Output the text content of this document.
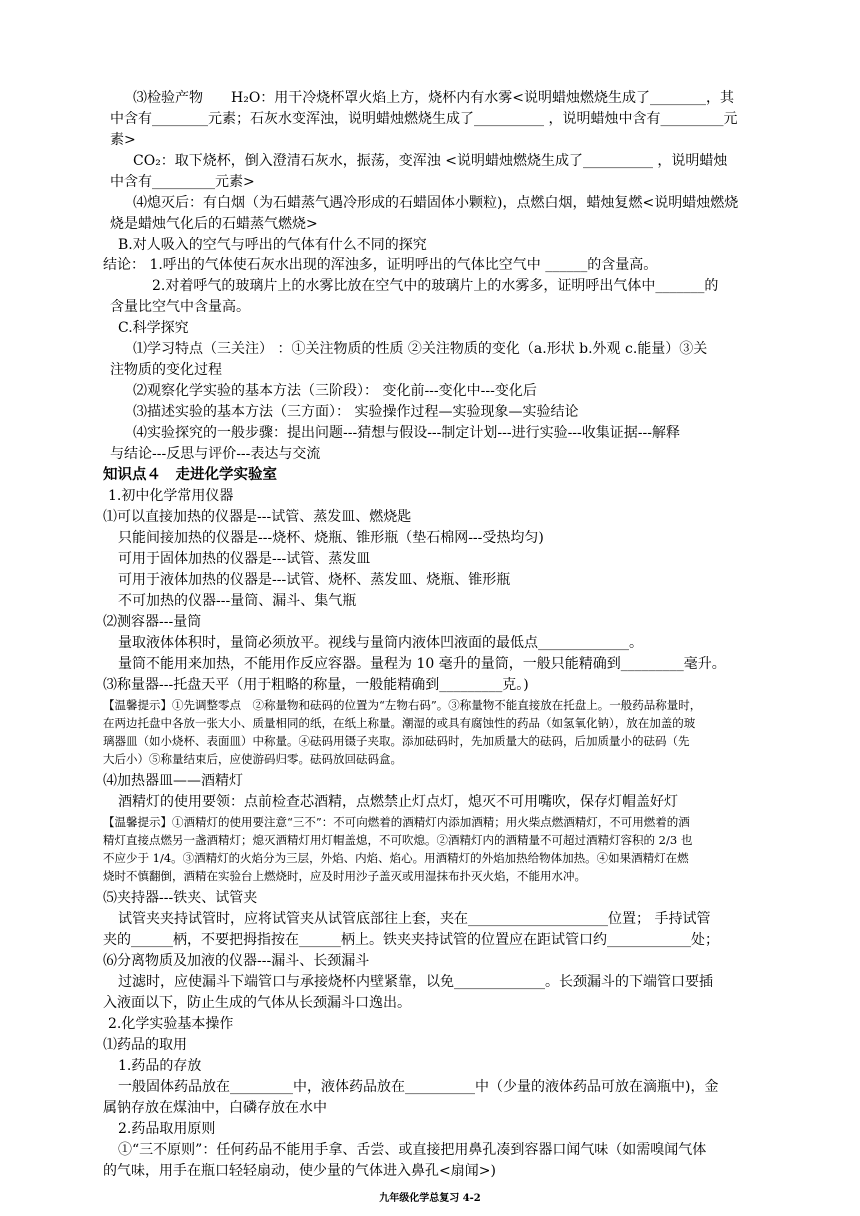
⑶检验产物　　H₂O：用干冷烧杯罩火焰上方，烧杯内有水雾<说明蜡烛燃烧生成了________，其
中含有________元素；石灰水变浑浊，说明蜡烛燃烧生成了__________ ，说明蜡烛中含有_________元
素>
CO₂：取下烧杯，倒入澄清石灰水，振荡，变浑浊 <说明蜡烛燃烧生成了__________ ，说明蜡烛
中含有_________元素>
⑷熄灭后：有白烟（为石蜡蒸气遇冷形成的石蜡固体小颗粒)，点燃白烟，蜡烛复燃<说明蜡烛燃烧
烧是蜡烛气化后的石蜡蒸气燃烧>
B.对人吸入的空气与呼出的气体有什么不同的探究
结论： 1.呼出的气体使石灰水出现的浑浊多，证明呼出的气体比空气中 ______的含量高。
2.对着呼气的玻璃片上的水雾比放在空气中的玻璃片上的水雾多，证明呼出气体中_______的
含量比空气中含量高。
C.科学探究
⑴学习特点（三关注） ：①关注物质的性质 ②关注物质的变化（a.形状 b.外观 c.能量）③关
注物质的变化过程
⑵观察化学实验的基本方法（三阶段）： 变化前---变化中---变化后
⑶描述实验的基本方法（三方面）： 实验操作过程—实验现象—实验结论
⑷实验探究的一般步骤：提出问题---猜想与假设---制定计划---进行实验---收集证据---解释
与结论---反思与评价---表达与交流
知识点４　走进化学实验室
1.初中化学常用仪器
⑴可以直接加热的仪器是---试管、蒸发皿、燃烧匙
只能间接加热的仪器是---烧杯、烧瓶、锥形瓶（垫石棉网---受热均匀)
可用于固体加热的仪器是---试管、蒸发皿
可用于液体加热的仪器是---试管、烧杯、蒸发皿、烧瓶、锥形瓶
不可加热的仪器---量筒、漏斗、集气瓶
⑵测容器---量筒
量取液体体积时，量筒必须放平。视线与量筒内液体凹液面的最低点_____________。
量筒不能用来加热，不能用作反应容器。量程为 10 毫升的量筒，一般只能精确到_________毫升。
⑶称量器---托盘天平（用于粗略的称量，一般能精确到_________克。)
【温馨提示】①先调整零点　②称量物和砝码的位置为“左物右码”。③称量物不能直接放在托盘上。一般药品称量时，
在两边托盘中各放一张大小、质量相同的纸，在纸上称量。潮湿的或具有腐蚀性的药品（如氢氧化钠），放在加盖的玻
璃器皿（如小烧杯、表面皿）中称量。④砝码用镊子夹取。添加砝码时，先加质量大的砝码，后加质量小的砝码（先
大后小）⑤称量结束后，应使游码归零。砝码放回砝码盒。
⑷加热器皿——酒精灯
酒精灯的使用要领：点前检查芯酒精，点燃禁止灯点灯，熄灭不可用嘴吹，保存灯帽盖好灯
【温馨提示】①酒精灯的使用要注意“三不”：不可向燃着的酒精灯内添加酒精；用火柴点燃酒精灯，不可用燃着的酒
精灯直接点燃另一盏酒精灯；熄灭酒精灯用灯帽盖熄，不可吹熄。②酒精灯内的酒精量不可超过酒精灯容积的 2/3 也
不应少于 1/4。③酒精灯的火焰分为三层，外焰、内焰、焰心。用酒精灯的外焰加热给物体加热。④如果酒精灯在燃
烧时不慎翻倒，酒精在实验台上燃烧时，应及时用沙子盖灭或用湿抹布扑灭火焰，不能用水冲。
⑸夹持器---铁夹、试管夹
试管夹夹持试管时，应将试管夹从试管底部往上套，夹在____________________位置； 手持试管
夹的______柄，不要把拇指按在______柄上。铁夹夹持试管的位置应在距试管口约____________处；
⑹分离物质及加液的仪器---漏斗、长颈漏斗
过滤时，应使漏斗下端管口与承接烧杯内壁紧靠，以免_____________。长颈漏斗的下端管口要插
入液面以下，防止生成的气体从长颈漏斗口逸出。
2.化学实验基本操作
⑴药品的取用
1.药品的存放
一般固体药品放在_________中，液体药品放在__________中（少量的液体药品可放在滴瓶中)，金
属钠存放在煤油中，白磷存放在水中
2.药品取用原则
①“三不原则”：任何药品不能用手拿、舌尝、或直接把用鼻孔凑到容器口闻气味（如需嗅闻气体
的气味，用手在瓶口轻轻扇动，使少量的气体进入鼻孔<扇闻>)
九年级化学总复习 4-2
